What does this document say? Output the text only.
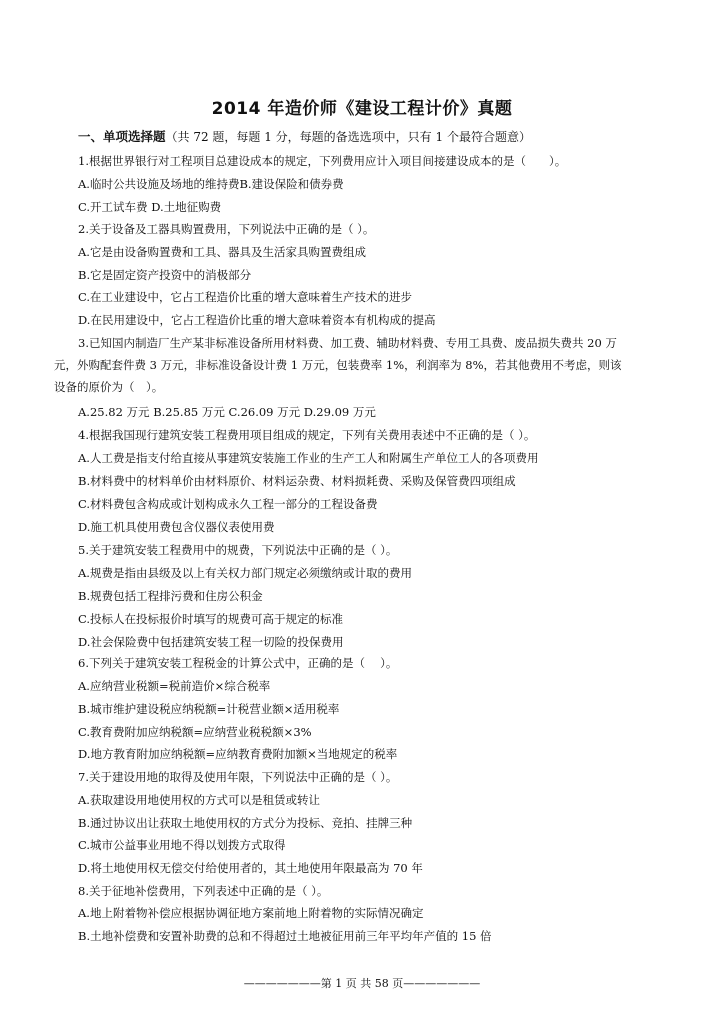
2014 年造价师《建设工程计价》真题
一、单项选择题（共 72 题，每题 1 分，每题的备选选项中，只有 1 个最符合题意）
1.根据世界银行对工程项目总建设成本的规定，下列费用应计入项目间接建设成本的是（　　）。
A.临时公共设施及场地的维持费B.建设保险和债券费
C.开工试车费 D.土地征购费
2.关于设备及工器具购置费用，下列说法中正确的是（ ）。
A.它是由设备购置费和工具、器具及生活家具购置费组成
B.它是固定资产投资中的消极部分
C.在工业建设中，它占工程造价比重的增大意味着生产技术的进步
D.在民用建设中，它占工程造价比重的增大意味着资本有机构成的提高
3.已知国内制造厂生产某非标准设备所用材料费、加工费、辅助材料费、专用工具费、废品损失费共 20 万
元，外购配套件费 3 万元，非标准设备设计费 1 万元，包装费率 1%，利润率为 8%，若其他费用不考虑，则该
设备的原价为（　）。
A.25.82 万元 B.25.85 万元 C.26.09 万元 D.29.09 万元
4.根据我国现行建筑安装工程费用项目组成的规定，下列有关费用表述中不正确的是（ ）。
A.人工费是指支付给直接从事建筑安装施工作业的生产工人和附属生产单位工人的各项费用
B.材料费中的材料单价由材料原价、材料运杂费、材料损耗费、采购及保管费四项组成
C.材料费包含构成或计划构成永久工程一部分的工程设备费
D.施工机具使用费包含仪器仪表使用费
5.关于建筑安装工程费用中的规费，下列说法中正确的是（ ）。
A.规费是指由县级及以上有关权力部门规定必须缴纳或计取的费用
B.规费包括工程排污费和住房公积金
C.投标人在投标报价时填写的规费可高于规定的标准
D.社会保险费中包括建筑安装工程一切险的投保费用
6.下列关于建筑安装工程税金的计算公式中，正确的是（　 ）。
A.应纳营业税额=税前造价×综合税率
B.城市维护建设税应纳税额=计税营业额×适用税率
C.教育费附加应纳税额=应纳营业税税额×3%
D.地方教育附加应纳税额=应纳教育费附加额×当地规定的税率
7.关于建设用地的取得及使用年限，下列说法中正确的是（ ）。
A.获取建设用地使用权的方式可以是租赁或转让
B.通过协议出让获取土地使用权的方式分为投标、竞拍、挂牌三种
C.城市公益事业用地不得以划拨方式取得
D.将土地使用权无偿交付给使用者的，其土地使用年限最高为 70 年
8.关于征地补偿费用，下列表述中正确的是（ ）。
A.地上附着物补偿应根据协调征地方案前地上附着物的实际情况确定
B.土地补偿费和安置补助费的总和不得超过土地被征用前三年平均年产值的 15 倍
———————第 1 页 共 58 页———————
